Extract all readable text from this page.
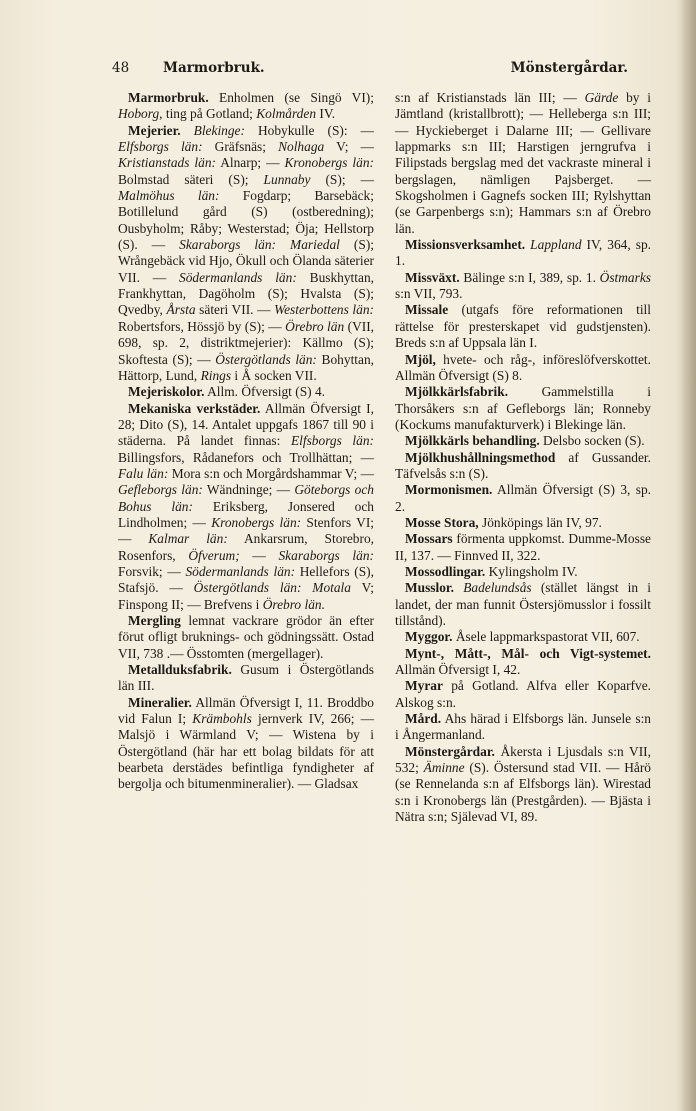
48	Marmorbruk.	Mönstergårdar.

Marmorbruk. Enholmen (se Singö VI); Hoborg, ting på Gotland; Kolmården IV.

Mejerier. Blekinge: Hobykulle (S): — Elfsborgs län: Gräfsnäs; Nolhaga V; — Kristianstads län: Alnarp; — Kronobergs län: Bolmstad säteri (S); Lunnaby (S); — Malmöhus län: Fogdarp; Barsebäck; Botillelund gård (S) (ostberedning); Ousbyholm; Råby; Westerstad; Öja; Hellstorp (S). — Skaraborgs län: Mariedal (S); Wrångebäck vid Hjo, Ökull och Ölanda säterier VII. — Södermanlands län: Buskhyttan, Frankhyttan, Dagöholm (S); Hvalsta (S); Qvedby, Årsta säteri VII. — Westerbottens län: Robertsfors, Hössjö by (S); — Örebro län (VII, 698, sp. 2, distriktmejerier): Källmo (S); Skoftesta (S); — Östergötlands län: Bohyttan, Hättorp, Lund, Rings i Å socken VII.

Mejeriskolor. Allm. Öfversigt (S) 4.

Mekaniska verkstäder. Allmän Öfversigt I, 28; Dito (S), 14. Antalet uppgafs 1867 till 90 i städerna. På landet finnas: Elfsborgs län: Billingsfors, Rådanefors och Trollhättan; — Falu län: Mora s:n och Morgårdshammar V; — Gefleborgs län: Wändninge; — Göteborgs och Bohus län: Eriksberg, Jonsered och Lindholmen; — Kronobergs län: Stenfors VI; — Kalmar län: Ankarsrum, Storebro, Rosenfors, Öfverum; — Skaraborgs län: Forsvik; — Södermanlands län: Hellefors (S), Stafsjö. — Östergötlands län: Motala V; Finspong II; — Brefvens i Örebro län.

Mergling lemnat vackrare grödor än efter förut ofligt bruknings- och gödningssätt. Ostad VII, 738 .— Össtomten (mergellager).

Metallduksfabrik. Gusum i Östergötlands län III.

Mineralier. Allmän Öfversigt I, 11. Broddbo vid Falun I; Krämbohls jernverk IV, 266; — Malsjö i Wärmland V; — Wistena by i Östergötland (här har ett bolag bildats för att bearbeta derstädes befintliga fyndigheter af bergolja och bitumenmineralier). — Gladsax

s:n af Kristianstads län III; — Gärde by i Jämtland (kristallbrott); — Helleberga s:n III; — Hyckieberget i Dalarne III; — Gellivare lappmarks s:n III; Harstigen jerngrufva i Filipstads bergslag med det vackraste mineral i bergslagen, nämligen Pajsberget. — Skogsholmen i Gagnefs socken III; Rylshyttan (se Garpenbergs s:n); Hammars s:n af Örebro län.

Missionsverksamhet. Lappland IV, 364, sp. 1.

Missväxt. Bälinge s:n I, 389, sp. 1. Östmarks s:n VII, 793.

Missale (utgafs före reformationen till rättelse för presterskapet vid gudstjensten). Breds s:n af Uppsala län I.

Mjöl, hvete- och råg-, införeslöfverskottet. Allmän Öfversigt (S) 8.

Mjölkkärlsfabrik. Gammelstilla i Thorsåkers s:n af Gefleborgs län; Ronneby (Kockums manufakturverk) i Blekinge län.

Mjölkkärls behandling. Delsbo socken (S).

Mjölkhushållningsmethod af Gussander. Täfvelsås s:n (S).

Mormonismen. Allmän Öfversigt (S) 3, sp. 2.

Mosse Stora, Jönköpings län IV, 97.

Mossars förmenta uppkomst. Dumme-Mosse II, 137. — Finnved II, 322.

Mossodlingar. Kylingsholm IV.

Musslor. Badelundsås (stället längst in i landet, der man funnit Östersjömusslor i fossilt tillstånd).

Myggor. Åsele lappmarkspastorat VII, 607.

Mynt-, Mått-, Mål- och Vigt-systemet. Allmän Öfversigt I, 42.

Myrar på Gotland. Alfva eller Koparfve. Alskog s:n.

Mård. Ahs härad i Elfsborgs län. Junsele s:n i Ångermanland.

Mönstergårdar. Åkersta i Ljusdals s:n VII, 532; Äminne (S). Östersund stad VII. — Hårö (se Rennelanda s:n af Elfsborgs län). Wirestad s:n i Kronobergs län (Prestgården). — Bjästa i Nätra s:n; Själevad VI, 89.
